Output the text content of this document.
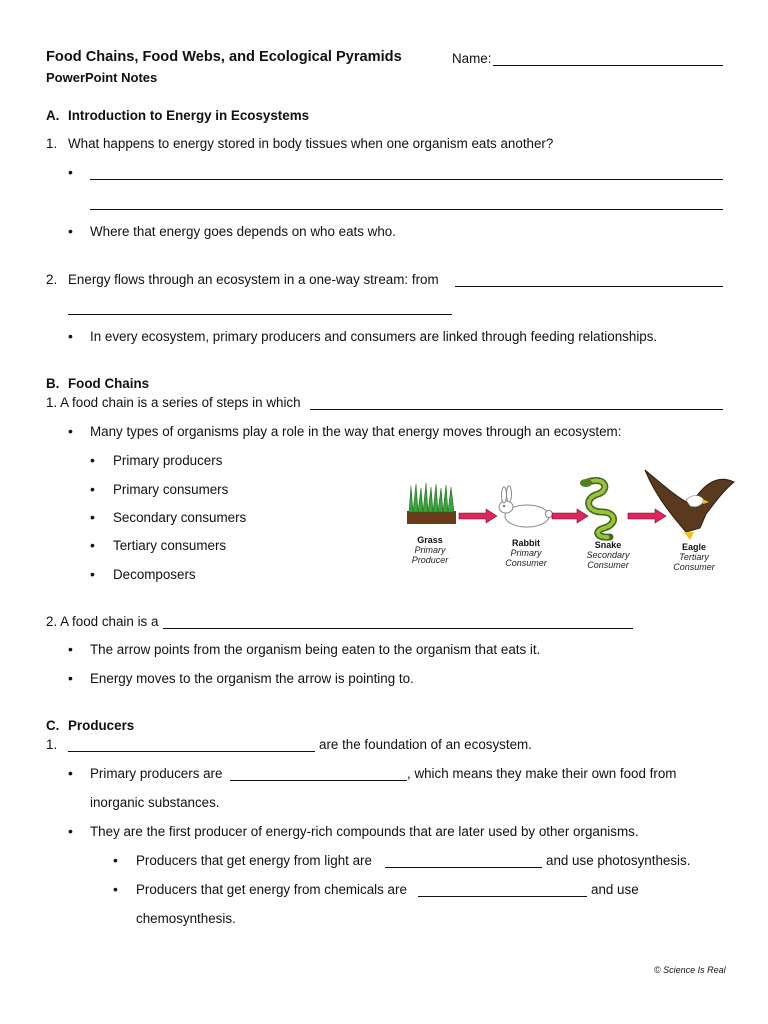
Food Chains, Food Webs, and Ecological Pyramids
PowerPoint Notes
Name:
A. Introduction to Energy in Ecosystems
1. What happens to energy stored in body tissues when one organism eats another?
•
• Where that energy goes depends on who eats who.
2. Energy flows through an ecosystem in a one-way stream: from
• In every ecosystem, primary producers and consumers are linked through feeding relationships.
B. Food Chains
1. A food chain is a series of steps in which
• Many types of organisms play a role in the way that energy moves through an ecosystem:
• Primary producers
• Primary consumers
• Secondary consumers
• Tertiary consumers
• Decomposers
Grass
Primary
Producer
Rabbit
Primary
Consumer
Snake
Secondary
Consumer
Eagle
Tertiary
Consumer
2. A food chain is a
• The arrow points from the organism being eaten to the organism that eats it.
• Energy moves to the organism the arrow is pointing to.
C. Producers
1.	are the foundation of an ecosystem.
• Primary producers are	, which means they make their own food from
inorganic substances.
• They are the first producer of energy-rich compounds that are later used by other organisms.
• Producers that get energy from light are	and use photosynthesis.
• Producers that get energy from chemicals are	and use
chemosynthesis.
© Science Is Real
